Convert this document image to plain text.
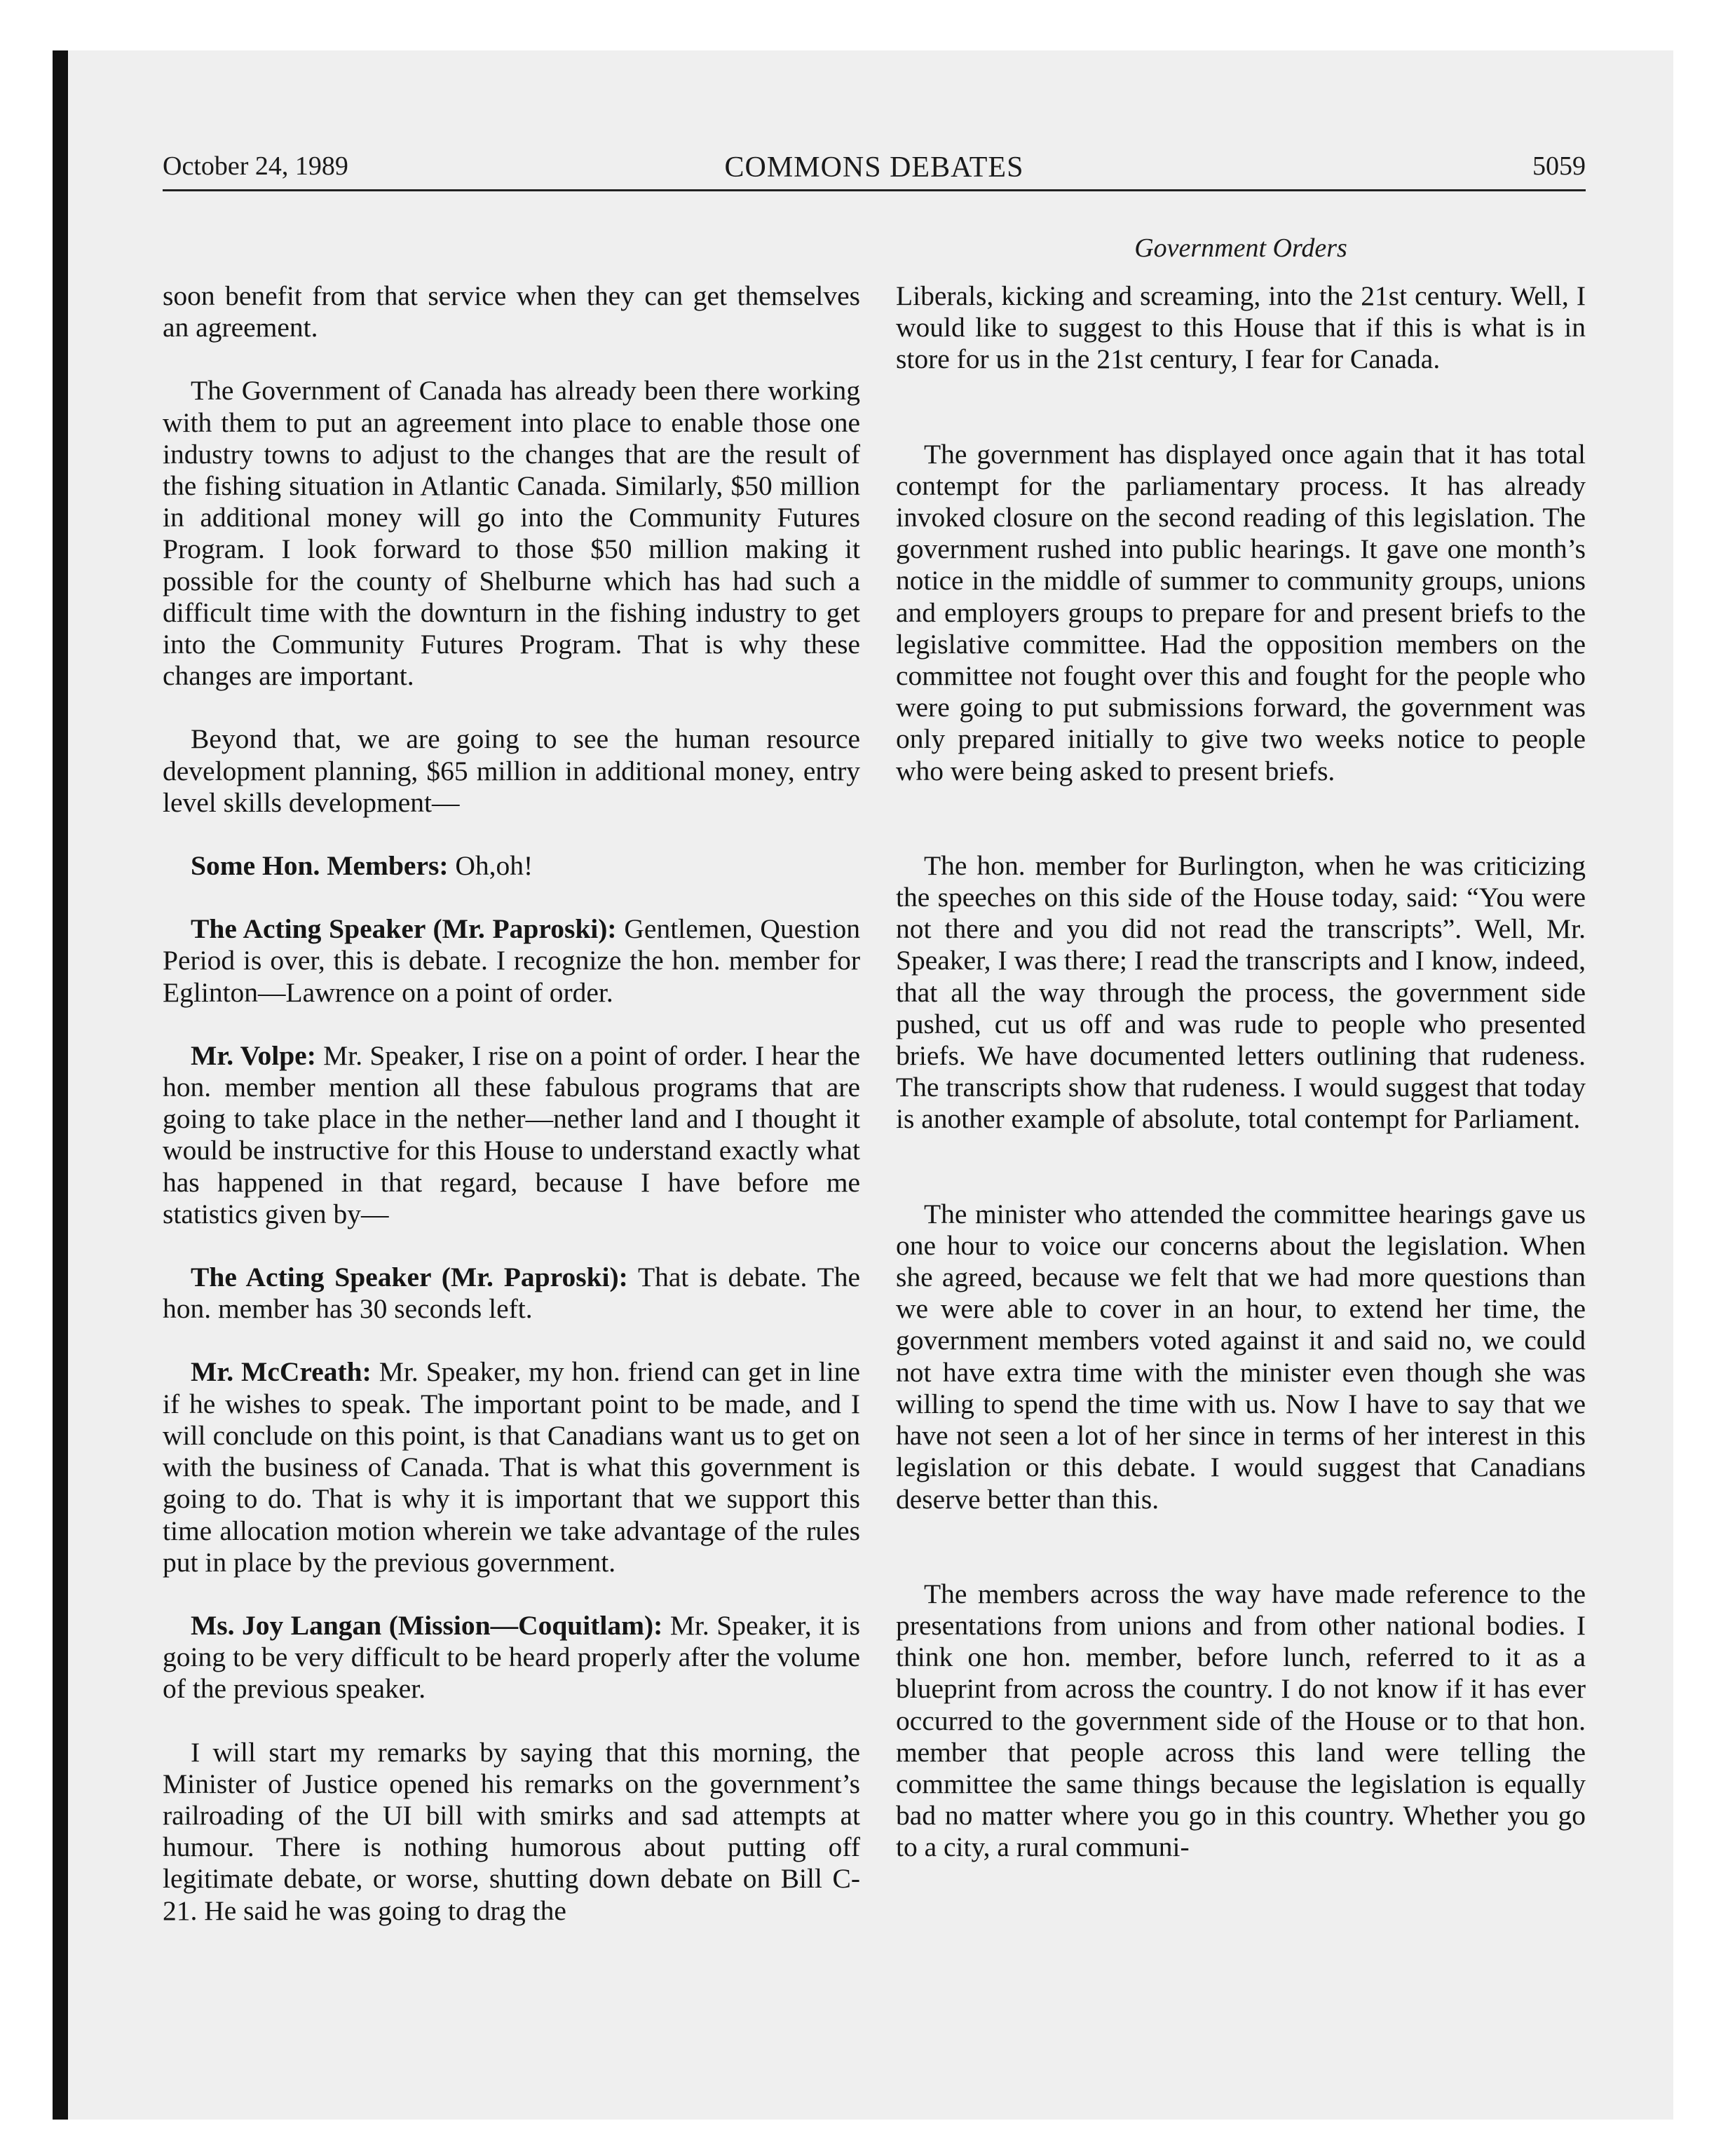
October 24, 1989	COMMONS DEBATES	5059
Government Orders

soon benefit from that service when they can get themselves an agreement.

The Government of Canada has already been there working with them to put an agreement into place to enable those one industry towns to adjust to the changes that are the result of the fishing situation in Atlantic Canada. Similarly, $50 million in additional money will go into the Community Futures Program. I look forward to those $50 million making it possible for the county of Shelburne which has had such a difficult time with the downturn in the fishing industry to get into the Community Futures Program. That is why these changes are important.

Beyond that, we are going to see the human resource development planning, $65 million in additional money, entry level skills development—

Some Hon. Members: Oh,oh!

The Acting Speaker (Mr. Paproski): Gentlemen, Question Period is over, this is debate. I recognize the hon. member for Eglinton—Lawrence on a point of order.

Mr. Volpe: Mr. Speaker, I rise on a point of order. I hear the hon. member mention all these fabulous programs that are going to take place in the nether—nether land and I thought it would be instructive for this House to understand exactly what has happened in that regard, because I have before me statistics given by—

The Acting Speaker (Mr. Paproski): That is debate. The hon. member has 30 seconds left.

Mr. McCreath: Mr. Speaker, my hon. friend can get in line if he wishes to speak. The important point to be made, and I will conclude on this point, is that Canadians want us to get on with the business of Canada. That is what this government is going to do. That is why it is important that we support this time allocation motion wherein we take advantage of the rules put in place by the previous government.

Ms. Joy Langan (Mission—Coquitlam): Mr. Speaker, it is going to be very difficult to be heard properly after the volume of the previous speaker.

I will start my remarks by saying that this morning, the Minister of Justice opened his remarks on the government’s railroading of the UI bill with smirks and sad attempts at humour. There is nothing humorous about putting off legitimate debate, or worse, shutting down debate on Bill C-21. He said he was going to drag the

Liberals, kicking and screaming, into the 21st century. Well, I would like to suggest to this House that if this is what is in store for us in the 21st century, I fear for Canada.

The government has displayed once again that it has total contempt for the parliamentary process. It has already invoked closure on the second reading of this legislation. The government rushed into public hearings. It gave one month’s notice in the middle of summer to community groups, unions and employers groups to prepare for and present briefs to the legislative committee. Had the opposition members on the committee not fought over this and fought for the people who were going to put submissions forward, the government was only prepared initially to give two weeks notice to people who were being asked to present briefs.

The hon. member for Burlington, when he was criticizing the speeches on this side of the House today, said: “You were not there and you did not read the transcripts”. Well, Mr. Speaker, I was there; I read the transcripts and I know, indeed, that all the way through the process, the government side pushed, cut us off and was rude to people who presented briefs. We have documented letters outlining that rudeness. The transcripts show that rudeness. I would suggest that today is another example of absolute, total contempt for Parliament.

The minister who attended the committee hearings gave us one hour to voice our concerns about the legislation. When she agreed, because we felt that we had more questions than we were able to cover in an hour, to extend her time, the government members voted against it and said no, we could not have extra time with the minister even though she was willing to spend the time with us. Now I have to say that we have not seen a lot of her since in terms of her interest in this legislation or this debate. I would suggest that Canadians deserve better than this.

The members across the way have made reference to the presentations from unions and from other national bodies. I think one hon. member, before lunch, referred to it as a blueprint from across the country. I do not know if it has ever occurred to the government side of the House or to that hon. member that people across this land were telling the committee the same things because the legislation is equally bad no matter where you go in this country. Whether you go to a city, a rural communi-
